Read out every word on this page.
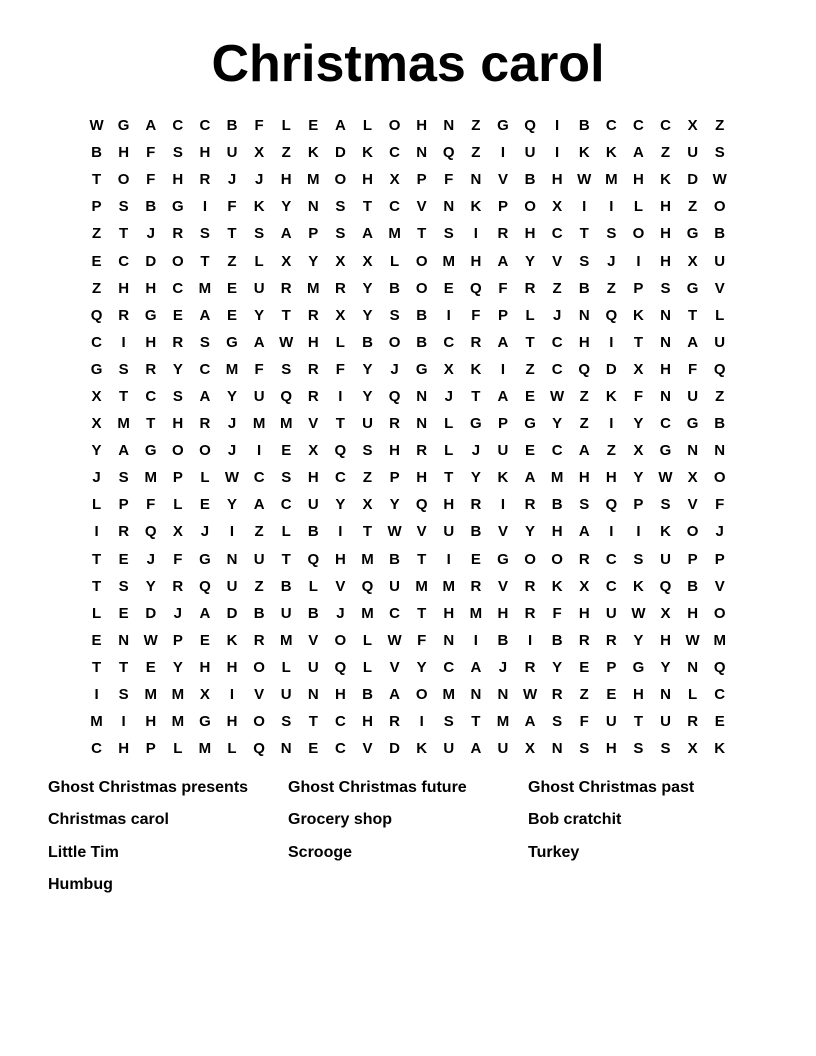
Christmas carol
W G	A	C	C	B	F	L	E	A	L	O	H	N	Z	G	Q	I	B	C	C	C	X	Z
B	H	F	S	H	U	X	Z	K	D	K	C	N	Q	Z	I	U	I	K	K	A	Z	U	S
T	O	F	H	R	J	J	H	M	O	H	X	P	F	N	V	B	H W M	H	K	D W
P	S	B	G	I	F	K	Y	N	S	T	C	V	N	K	P	O	X	I	I	L	H	Z	O
Z	T	J	R	S	T	S	A	P	S	A	M	T	S	I	R	H	C	T	S	O	H	G	B
E	C	D	O	T	Z	L	X	Y	X	X	L	O	M	H	A	Y	V	S	J	I	H	X	U
Z	H	H	C	M	E	U	R	M	R	Y	B	O	E	Q	F	R	Z	B	Z	P	S	G	V
Q	R	G	E	A	E	Y	T	R	X	Y	S	B	I	F	P	L	J	N	Q	K	N	T	L
C	I	H	R	S	G	A W H	L	B	O	B	C	R	A	T	C	H	I	T	N	A	U
G	S	R	Y	C	M	F	S	R	F	Y	J	G	X	K	I	Z	C	Q	D	X	H	F	Q
X	T	C	S	A	Y	U	Q	R	I	Y	Q	N	J	T	A	E	W	Z	K	F	N	U	Z
X	M	T	H	R	J	M M	V	T	U	R	N	L	G	P	G	Y	Z	I	Y	C	G	B
Y	A	G	O	O	J	I	E	X	Q	S	H	R	L	J	U	E	C	A	Z	X	G	N	N
J	S	M	P	L	W C	S	H	C	Z	P	H	T	Y	K	A	M	H	H	Y	W	X	O
L	P	F	L	E	Y	A	C	U	Y	X	Y	Q	H	R	I	R	B	S	Q	P	S	V	F
I	R	Q	X	J	I	Z	L	B	I	T	W	V	U	B	V	Y	H	A	I	I	K	O	J
T	E	J	F	G	N	U	T	Q	H	M	B	T	I	E	G	O	O	R	C	S	U	P	P
T	S	Y	R	Q	U	Z	B	L	V	Q	U	M M	R	V	R	K	X	C	K	Q	B	V
L	E	D	J	A	D	B	U	B	J	M	C	T	H	M	H	R	F	H	U W	X	H	O
E	N W	P	E	K	R	M	V	O	L	W	F	N	I	B	I	B	R	R	Y	H W M
T	T	E	Y	H	H	O	L	U	Q	L	V	Y	C	A	J	R	Y	E	P	G	Y	N	Q
I	S	M M	X	I	V	U	N	H	B	A	O	M	N	N W R	Z	E	H	N	L	C
M	I	H	M	G	H	O	S	T	C	H	R	I	S	T	M	A	S	F	U	T	U	R	E
C	H	P	L	M	L	Q	N	E	C	V	D	K	U	A	U	X	N	S	H	S	S	X	K
Ghost Christmas presents	Ghost Christmas future	Ghost Christmas past
Christmas carol	Grocery shop	Bob cratchit
Little Tim	Scrooge	Turkey
Humbug
